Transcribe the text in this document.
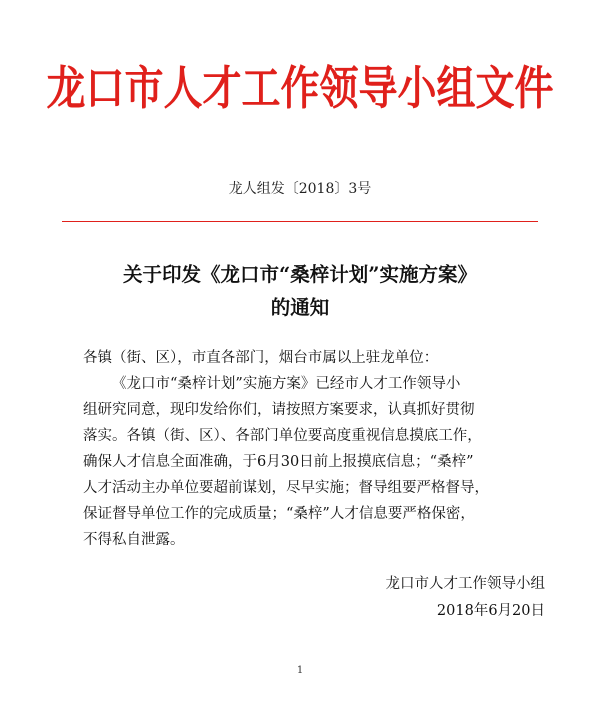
龙口市人才工作领导小组文件
龙人组发〔2018〕3号
关于印发《龙口市“桑梓计划”实施方案》
的通知
各镇（街、区），市直各部门，烟台市属以上驻龙单位：
《龙口市“桑梓计划”实施方案》已经市人才工作领导小
组研究同意，现印发给你们，请按照方案要求，认真抓好贯彻
落实。各镇（街、区）、各部门单位要高度重视信息摸底工作，
确保人才信息全面准确，于6月30日前上报摸底信息；“桑梓”
人才活动主办单位要超前谋划，尽早实施；督导组要严格督导，
保证督导单位工作的完成质量；“桑梓”人才信息要严格保密，
不得私自泄露。
龙口市人才工作领导小组
2018年6月20日
1
